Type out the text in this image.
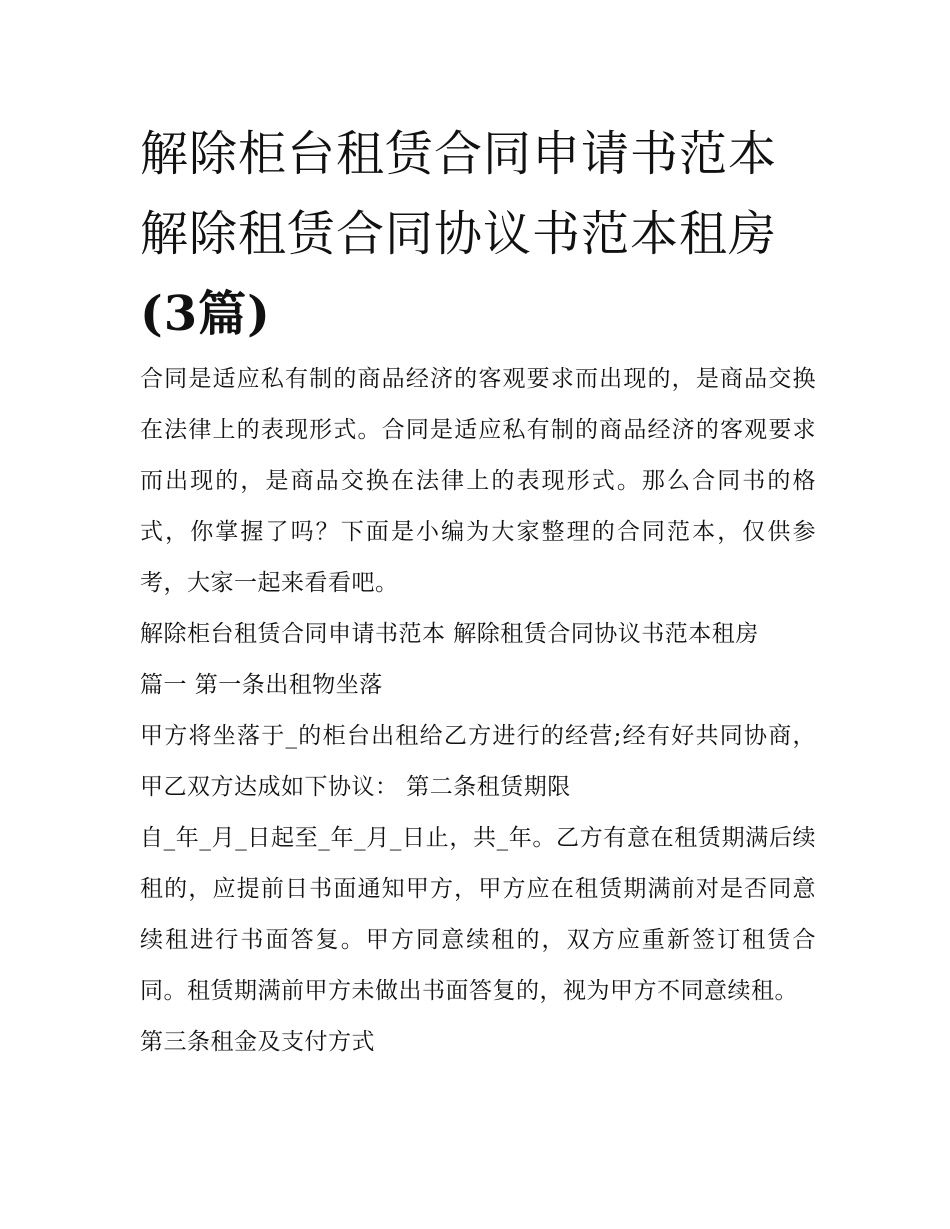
解除柜台租赁合同申请书范本
解除租赁合同协议书范本租房
(3篇)

合同是适应私有制的商品经济的客观要求而出现的，是商品交换在法律上的表现形式。合同是适应私有制的商品经济的客观要求而出现的，是商品交换在法律上的表现形式。那么合同书的格式，你掌握了吗？下面是小编为大家整理的合同范本，仅供参考，大家一起来看看吧。

解除柜台租赁合同申请书范本 解除租赁合同协议书范本租房

篇一 第一条出租物坐落

甲方将坐落于_的柜台出租给乙方进行的经营;经有好共同协商，甲乙双方达成如下协议： 第二条租赁期限

自_年_月_日起至_年_月_日止，共_年。乙方有意在租赁期满后续租的，应提前日书面通知甲方，甲方应在租赁期满前对是否同意续租进行书面答复。甲方同意续租的，双方应重新签订租赁合同。租赁期满前甲方未做出书面答复的，视为甲方不同意续租。

第三条租金及支付方式
